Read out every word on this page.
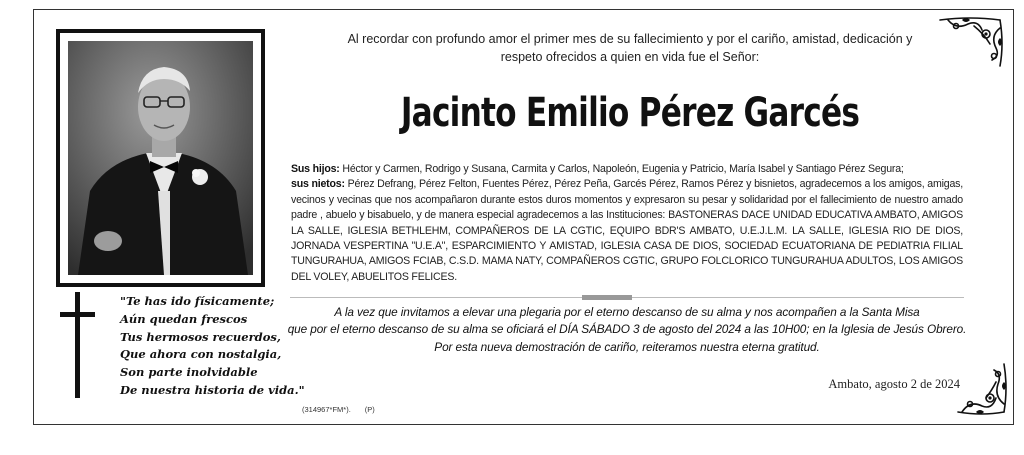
"Te has ido físicamente;
Aún quedan frescos
Tus hermosos recuerdos,
Que ahora con nostalgia,
Son parte inolvidable
De nuestra historia de vida."
Al recordar con profundo amor el primer mes de su fallecimiento y por el cariño, amistad, dedicación y
respeto ofrecidos a quien en vida fue el Señor:
Jacinto Emilio Pérez Garcés
Sus hijos: Héctor y Carmen, Rodrigo y Susana, Carmita y Carlos, Napoleón, Eugenia y Patricio, María Isabel y Santiago Pérez Segura;
sus nietos: Pérez Defrang, Pérez Felton, Fuentes Pérez, Pérez Peña, Garcés Pérez, Ramos Pérez y bisnietos, agradecemos a los amigos, amigas, vecinos y vecinas que nos acompañaron durante estos duros momentos y expresaron su pesar y solidaridad por el fallecimiento de nuestro amado padre , abuelo y bisabuelo, y de manera especial agradecemos a las Instituciones: BASTONERAS DACE UNIDAD EDUCATIVA AMBATO, AMIGOS LA SALLE, IGLESIA BETHLEHM, COMPAÑEROS DE LA CGTIC, EQUIPO BDR'S AMBATO, U.E.J.L.M. LA SALLE, IGLESIA RIO DE DIOS, JORNADA VESPERTINA "U.E.A", ESPARCIMIENTO Y AMISTAD, IGLESIA CASA DE DIOS, SOCIEDAD ECUATORIANA DE PEDIATRIA FILIAL TUNGURAHUA, AMIGOS FCIAB, C.S.D. MAMA NATY, COMPAÑEROS CGTIC, GRUPO FOLCLORICO TUNGURAHUA ADULTOS, LOS AMIGOS DEL VOLEY, ABUELITOS FELICES.
A la vez que invitamos a elevar una plegaria por el eterno descanso de su alma y nos acompañen a la Santa Misa
que por el eterno descanso de su alma se oficiará el DÍA SÁBADO 3 de agosto del 2024 a las 10H00; en la Iglesia de Jesús Obrero.
Por esta nueva demostración de cariño, reiteramos nuestra eterna gratitud.
Ambato, agosto 2 de 2024
(314967*FM*). (P)
